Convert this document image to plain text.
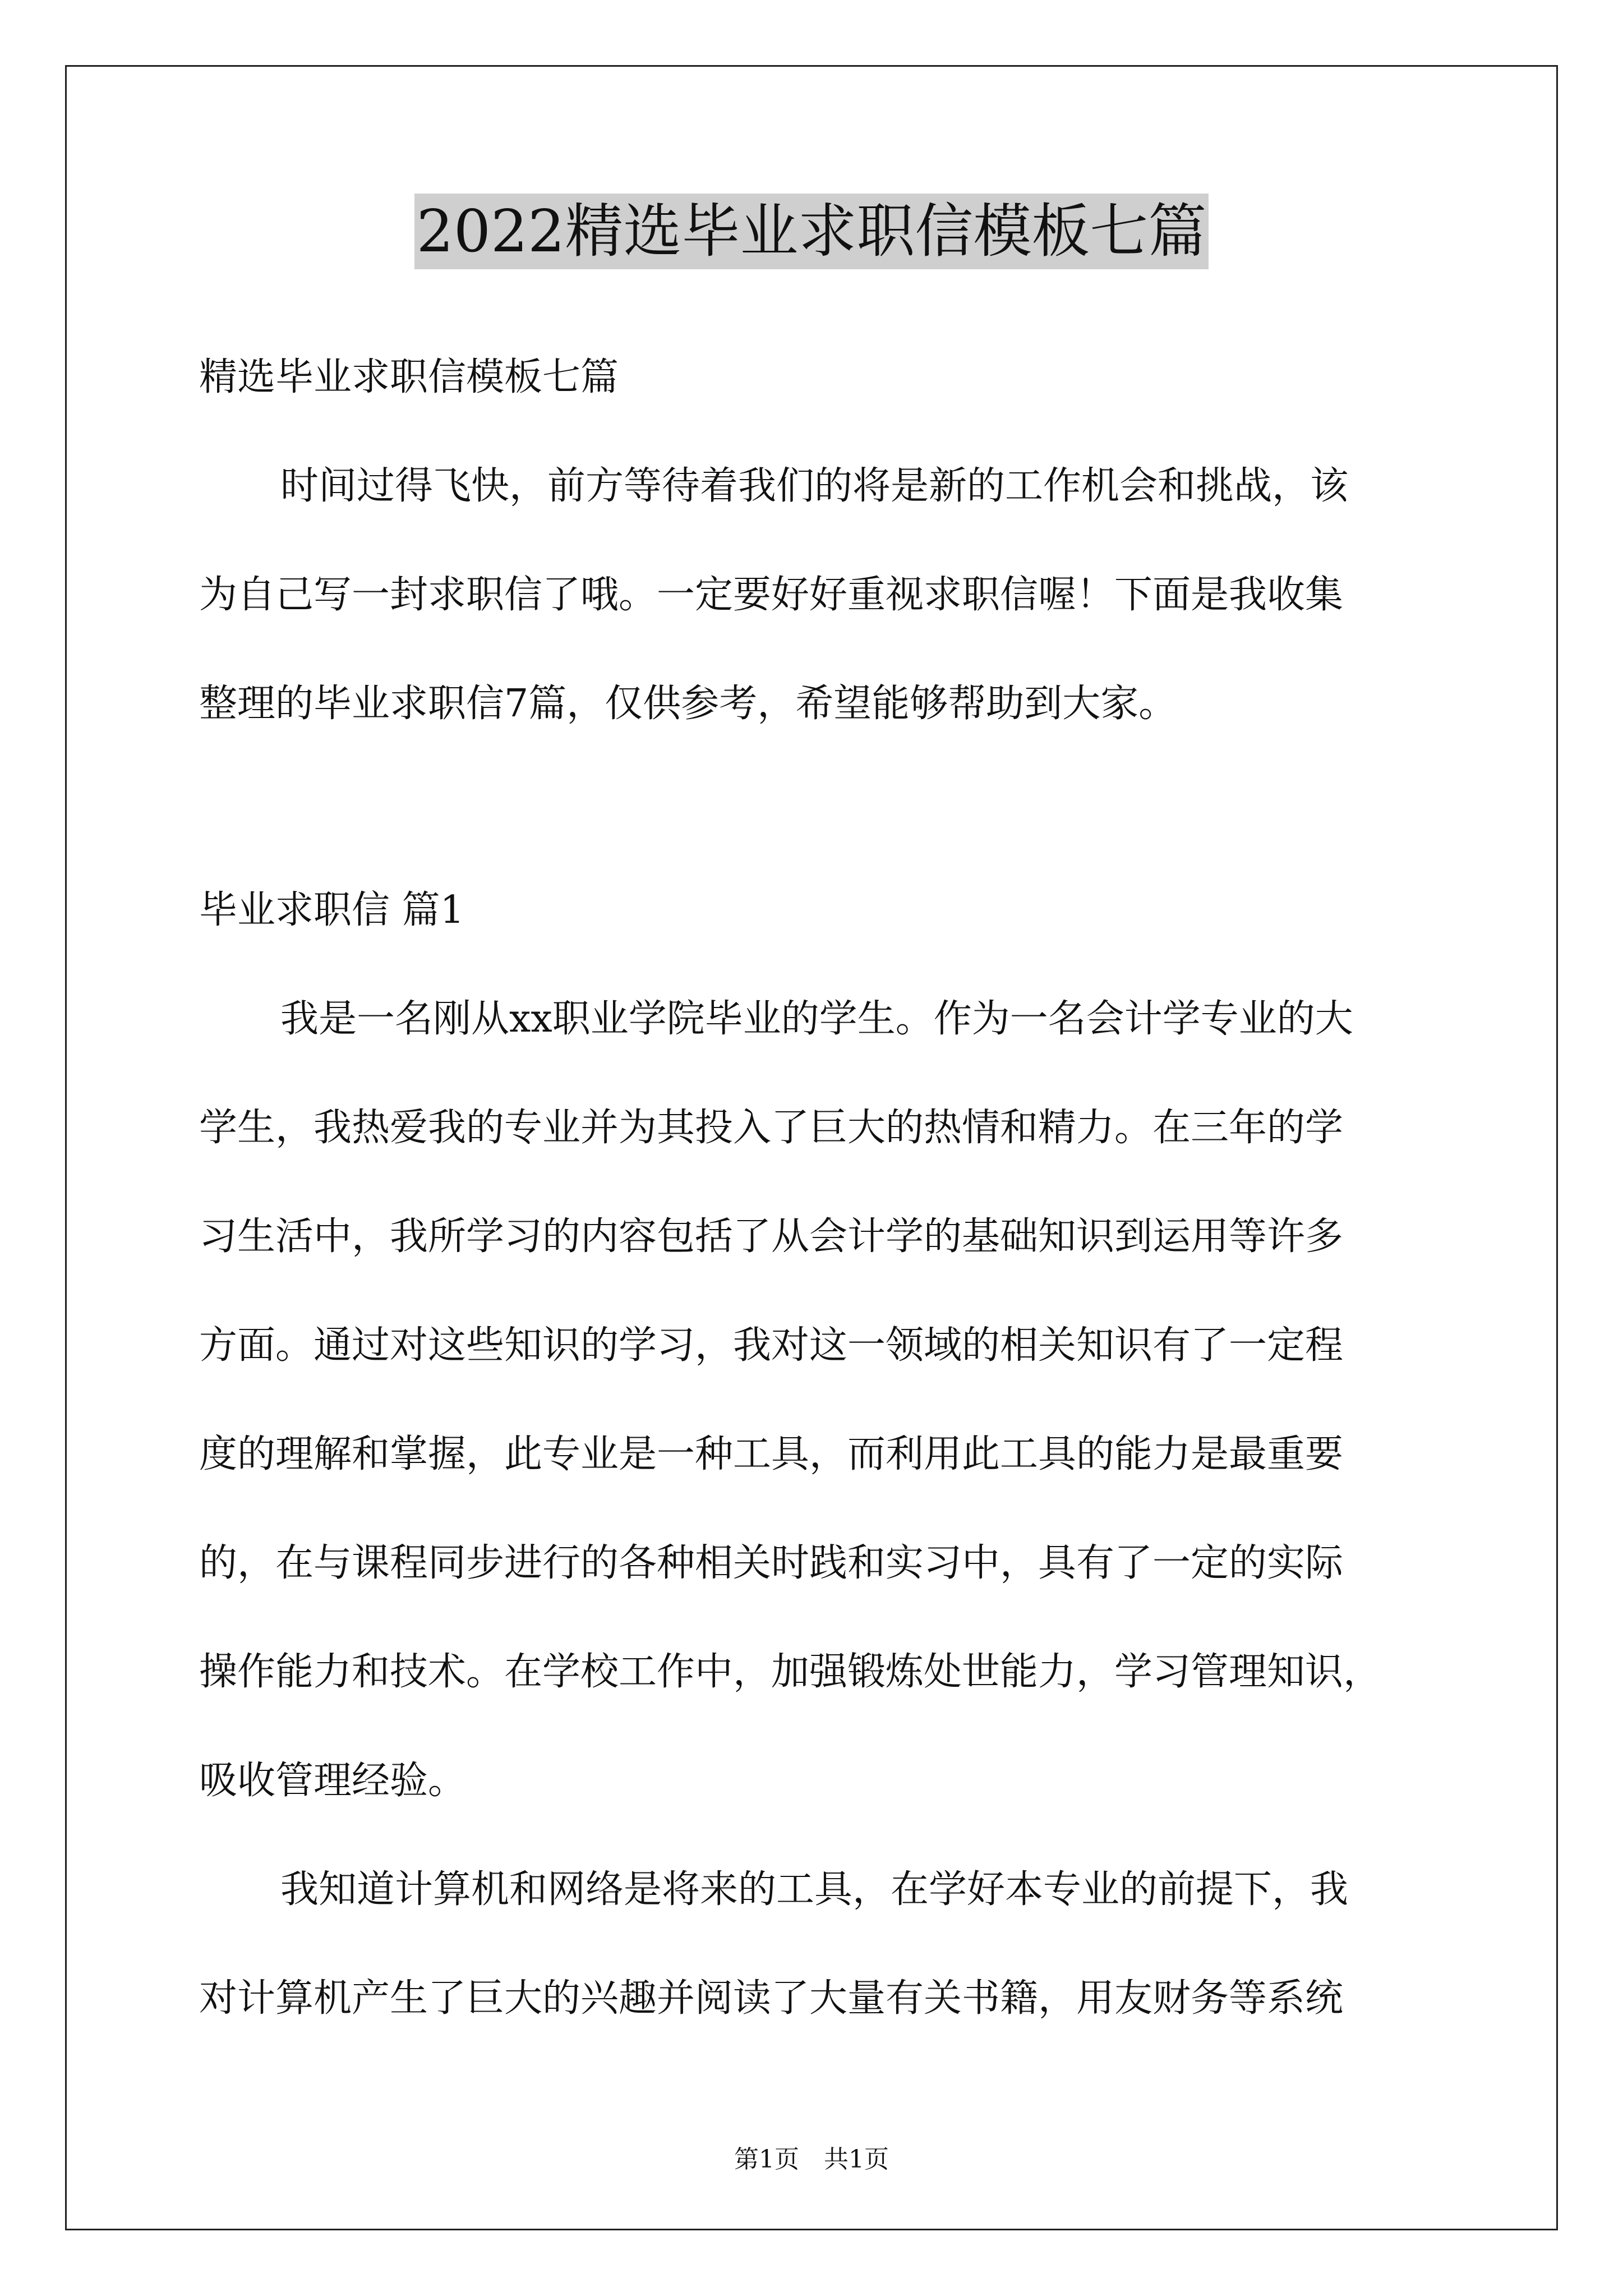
2022精选毕业求职信模板七篇
精选毕业求职信模板七篇
时间过得飞快，前方等待着我们的将是新的工作机会和挑战，该
为自己写一封求职信了哦。一定要好好重视求职信喔！下面是我收集
整理的毕业求职信7篇，仅供参考，希望能够帮助到大家。
毕业求职信 篇1
我是一名刚从xx职业学院毕业的学生。作为一名会计学专业的大
学生，我热爱我的专业并为其投入了巨大的热情和精力。在三年的学
习生活中，我所学习的内容包括了从会计学的基础知识到运用等许多
方面。通过对这些知识的学习，我对这一领域的相关知识有了一定程
度的理解和掌握，此专业是一种工具，而利用此工具的能力是最重要
的，在与课程同步进行的各种相关时践和实习中，具有了一定的实际
操作能力和技术。在学校工作中，加强锻炼处世能力，学习管理知识，
吸收管理经验。
我知道计算机和网络是将来的工具，在学好本专业的前提下，我
对计算机产生了巨大的兴趣并阅读了大量有关书籍，用友财务等系统
第1页　共1页
